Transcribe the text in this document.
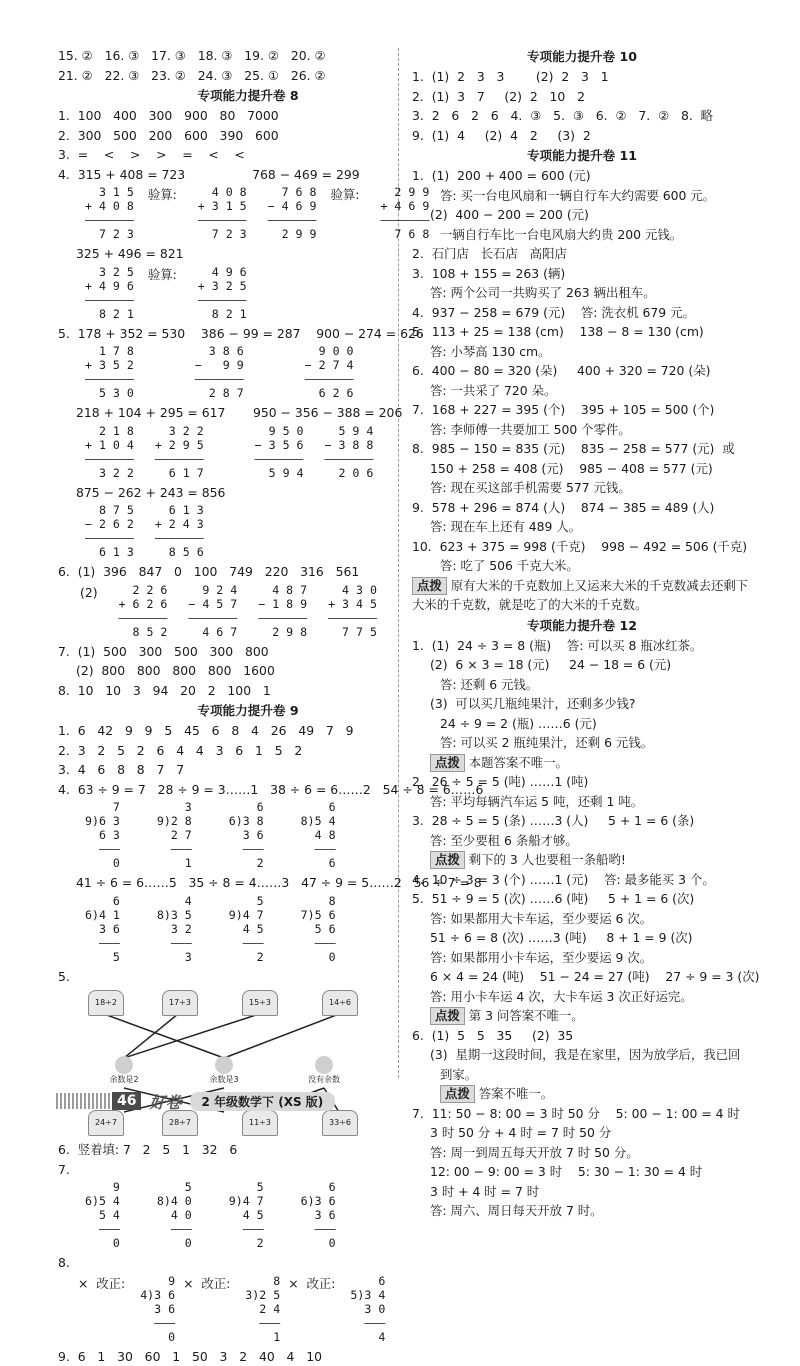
15. ②   16. ③   17. ③   18. ③   19. ②   20. ②
21. ②   22. ③   23. ②   24. ③   25. ①   26. ②
专项能力提升卷 8
1.  100   400   300   900   80   7000
2.  300   500   200   600   390   600
3.  =    <    >    >    =    <    <
4.  315 + 408 = 723                 768 − 469 = 299
3 1 5
+ 4 0 8
———————
7 2 3
验算:	4 0 8
+ 3 1 5
———————
7 2 3
7 6 8
− 4 6 9
———————
2 9 9
验算:	2 9 9
+ 4 6 9
———————
7 6 8
325 + 496 = 821
3 2 5
+ 4 9 6
———————
8 2 1
验算:	4 9 6
+ 3 2 5
———————
8 2 1
5.  178 + 352 = 530    386 − 99 = 287    900 − 274 = 626
1 7 8
+ 3 5 2
———————
5 3 0
3 8 6
−   9 9
———————
2 8 7
9 0 0
− 2 7 4
———————
6 2 6
218 + 104 + 295 = 617       950 − 356 − 388 = 206
2 1 8
+ 1 0 4
———————
3 2 2
3 2 2
+ 2 9 5
———————
6 1 7
9 5 0
− 3 5 6
———————
5 9 4
5 9 4
− 3 8 8
———————
2 0 6
875 − 262 + 243 = 856
8 7 5
− 2 6 2
———————
6 1 3
6 1 3
+ 2 4 3
———————
8 5 6
6.  (1)  396   847   0   100   749   220   316   561
(2)	2 2 6
+ 6 2 6
———————
8 5 2
9 2 4
− 4 5 7
———————
4 6 7
4 8 7
− 1 8 9
———————
2 9 8
4 3 0
+ 3 4 5
———————
7 7 5
7.  (1)  500   300   500   300   800
(2)  800   800   800   800   1600
8.  10   10   3   94   20   2   100   1
专项能力提升卷 9
1.  6   42   9   9   5   45   6   8   4   26   49   7   9
2.  3   2   5   2   6   4   4   3   6   1   5   2
3.  4   6   8   8   7   7
4.  63 ÷ 9 = 7   28 ÷ 9 = 3……1   38 ÷ 6 = 6……2   54 ÷ 8 = 6……6
7
9)6 3
6 3
———
0
3
9)2 8
2 7
———
1
6
6)3 8
3 6
———
2
6
8)5 4
4 8
———
6
41 ÷ 6 = 6……5   35 ÷ 8 = 4……3   47 ÷ 9 = 5……2   56 ÷ 7 = 8
6
6)4 1
3 6
———
5
4
8)3 5
3 2
———
3
5
9)4 7
4 5
———
2
8
7)5 6
5 6
———
0
5.
18÷2	17÷3	15÷3	14÷6
余数是2	余数是3	没有余数
24÷7	28÷7	11÷3	33÷6
6.  竖着填: 7   2   5   1   32   6
7.
9
6)5 4
5 4
———
0
5
8)4 0
4 0
———
0
5
9)4 7
4 5
———
2
6
6)3 6
3 6
———
0
8.
×  改正:	9
4)3 6
3 6
———
0
×  改正:	8
3)2 5
2 4
———
1
×  改正:	6
5)3 4
3 0
———
4
9.  6   1   30   60   1   50   3   2   40   4   10
专项能力提升卷 10
1.  (1)  2   3   3        (2)  2   3   1
2.  (1)  3   7     (2)  2   10   2
3.  2   6   2   6   4.  ③   5.  ③   6.  ②   7.  ②   8.  略
9.  (1)  4     (2)  4   2     (3)  2
专项能力提升卷 11
1.  (1)  200 + 400 = 600 (元)
答: 买一台电风扇和一辆自行车大约需要 600 元。
(2)  400 − 200 = 200 (元)
一辆自行车比一台电风扇大约贵 200 元钱。
2.  石门店   长石店   高阳店
3.  108 + 155 = 263 (辆)
答: 两个公司一共购买了 263 辆出租车。
4.  937 − 258 = 679 (元)    答: 洗衣机 679 元。
5.  113 + 25 = 138 (cm)    138 − 8 = 130 (cm)
答: 小琴高 130 cm。
6.  400 − 80 = 320 (朵)     400 + 320 = 720 (朵)
答: 一共采了 720 朵。
7.  168 + 227 = 395 (个)    395 + 105 = 500 (个)
答: 李师傅一共要加工 500 个零件。
8.  985 − 150 = 835 (元)    835 − 258 = 577 (元)  或
150 + 258 = 408 (元)    985 − 408 = 577 (元)
答: 现在买这部手机需要 577 元钱。
9.  578 + 296 = 874 (人)    874 − 385 = 489 (人)
答: 现在车上还有 489 人。
10.  623 + 375 = 998 (千克)    998 − 492 = 506 (千克)
答: 吃了 506 千克大米。
点拨 原有大米的千克数加上又运来大米的千克数减去还剩下大米的千克数，就是吃了的大米的千克数。
专项能力提升卷 12
1.  (1)  24 ÷ 3 = 8 (瓶)    答: 可以买 8 瓶冰红茶。
(2)  6 × 3 = 18 (元)     24 − 18 = 6 (元)
答: 还剩 6 元钱。
(3)  可以买几瓶纯果汁，还剩多少钱?
24 ÷ 9 = 2 (瓶) ……6 (元)
答: 可以买 2 瓶纯果汁，还剩 6 元钱。
点拨 本题答案不唯一。
2.  26 ÷ 5 = 5 (吨) ……1 (吨)
答: 平均每辆汽车运 5 吨，还剩 1 吨。
3.  28 ÷ 5 = 5 (条) ……3 (人)     5 + 1 = 6 (条)
答: 至少要租 6 条船才够。
点拨 剩下的 3 人也要租一条船哟!
4.  10 ÷ 3 = 3 (个) ……1 (元)    答: 最多能买 3 个。
5.  51 ÷ 9 = 5 (次) ……6 (吨)     5 + 1 = 6 (次)
答: 如果都用大卡车运，至少要运 6 次。
51 ÷ 6 = 8 (次) ……3 (吨)     8 + 1 = 9 (次)
答: 如果都用小卡车运，至少要运 9 次。
6 × 4 = 24 (吨)    51 − 24 = 27 (吨)    27 ÷ 9 = 3 (次)
答: 用小卡车运 4 次，大卡车运 3 次正好运完。
点拨 第 3 问答案不唯一。
6.  (1)  5   5   35     (2)  35
(3)  星期一这段时间，我是在家里，因为放学后，我已回
到家。
点拨 答案不唯一。
7.  11: 50 − 8: 00 = 3 时 50 分    5: 00 − 1: 00 = 4 时
3 时 50 分 + 4 时 = 7 时 50 分
答: 周一到周五每天开放 7 时 50 分。
12: 00 − 9: 00 = 3 时    5: 30 − 1: 30 = 4 时
3 时 + 4 时 = 7 时
答: 周六、周日每天开放 7 时。
46 好卷	2 年级数学下 (XS 版)
